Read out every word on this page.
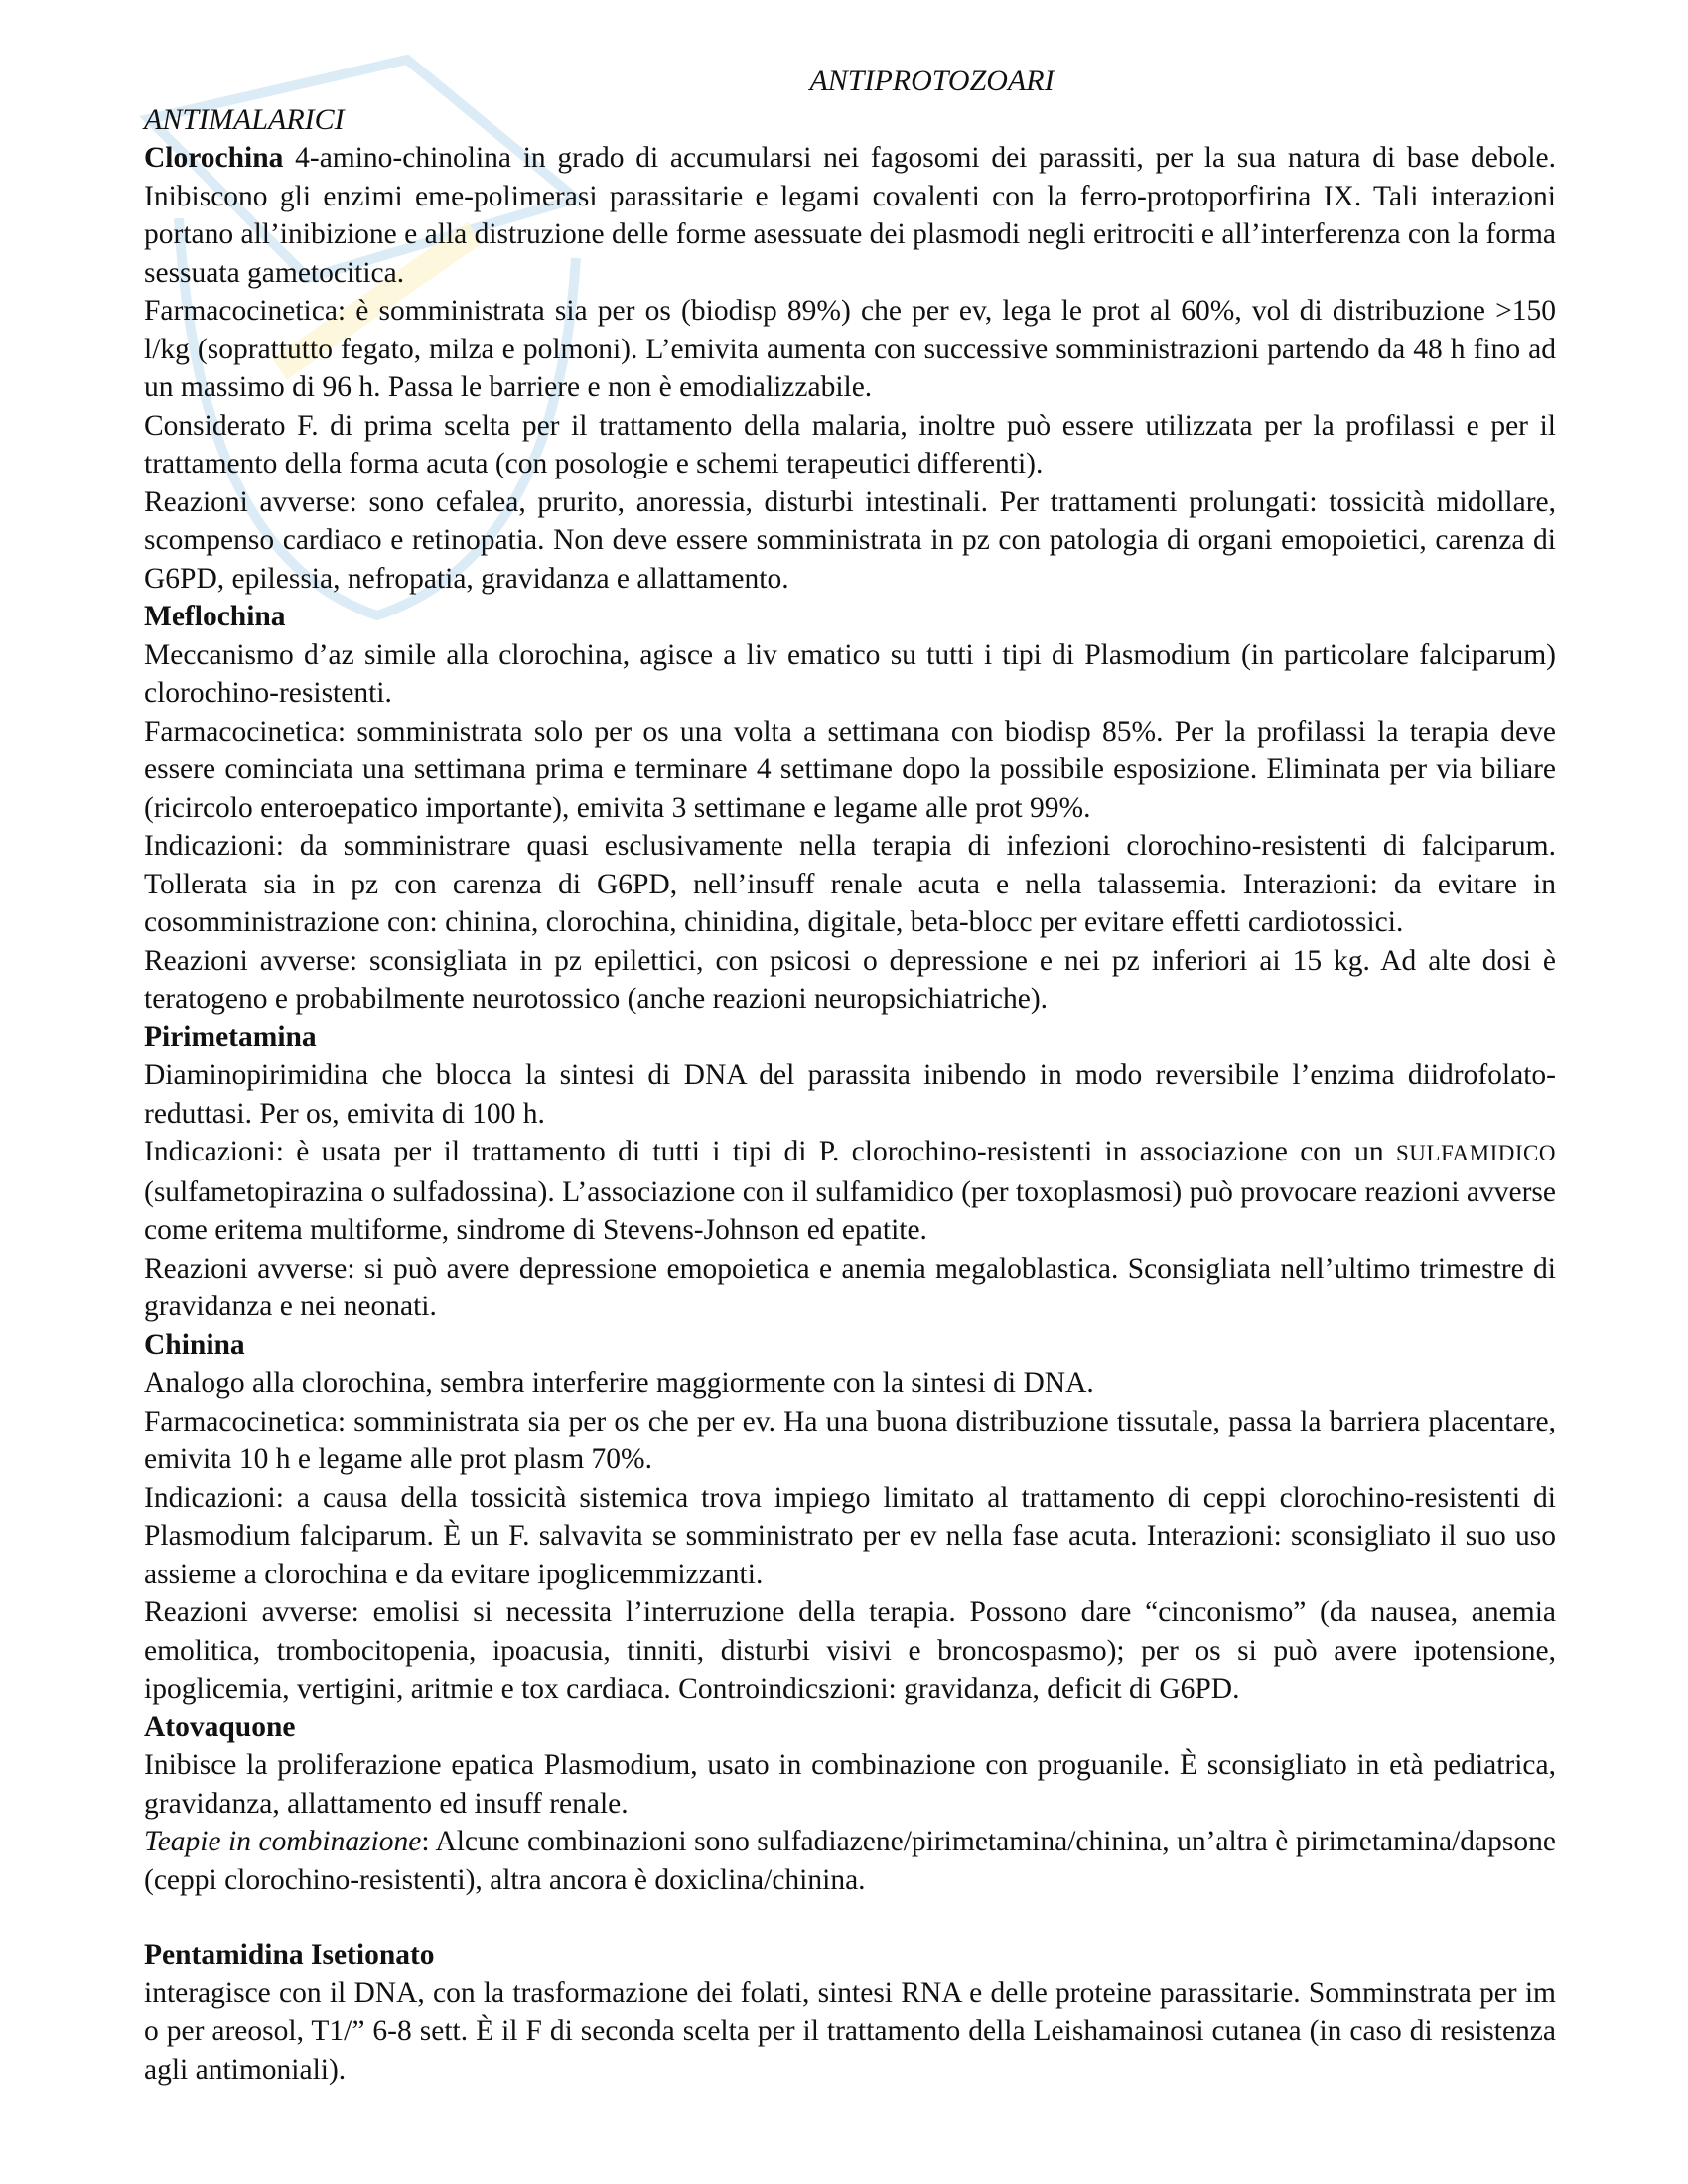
ANTIPROTOZOARI
ANTIMALARICI

Clorochina 4-amino-chinolina in grado di accumularsi nei fagosomi dei parassiti, per la sua natura di base debole. Inibiscono gli enzimi eme-polimerasi parassitarie e legami covalenti con la ferro-protoporfirina IX. Tali interazioni portano all’inibizione e alla distruzione delle forme asessuate dei plasmodi negli eritrociti e all’interferenza con la forma sessuata gametocitica.

Farmacocinetica: è somministrata sia per os (biodisp 89%) che per ev, lega le prot al 60%, vol di distribuzione >150 l/kg (soprattutto fegato, milza e polmoni). L’emivita aumenta con successive somministrazioni partendo da 48 h fino ad un massimo di 96 h. Passa le barriere e non è emodializzabile.

Considerato F. di prima scelta per il trattamento della malaria, inoltre può essere utilizzata per la profilassi e per il trattamento della forma acuta (con posologie e schemi terapeutici differenti).

Reazioni avverse: sono cefalea, prurito, anoressia, disturbi intestinali. Per trattamenti prolungati: tossicità midollare, scompenso cardiaco e retinopatia. Non deve essere somministrata in pz con patologia di organi emopoietici, carenza di G6PD, epilessia, nefropatia, gravidanza e allattamento.

Meflochina

Meccanismo d’az simile alla clorochina, agisce a liv ematico su tutti i tipi di Plasmodium (in particolare falciparum) clorochino-resistenti.

Farmacocinetica: somministrata solo per os una volta a settimana con biodisp 85%. Per la profilassi la terapia deve essere cominciata una settimana prima e terminare 4 settimane dopo la possibile esposizione. Eliminata per via biliare (ricircolo enteroepatico importante), emivita 3 settimane e legame alle prot 99%.

Indicazioni: da somministrare quasi esclusivamente nella terapia di infezioni clorochino-resistenti di falciparum. Tollerata sia in pz con carenza di G6PD, nell’insuff renale acuta e nella talassemia. Interazioni: da evitare in cosomministrazione con: chinina, clorochina, chinidina, digitale, beta-blocc per evitare effetti cardiotossici.

Reazioni avverse: sconsigliata in pz epilettici, con psicosi o depressione e nei pz inferiori ai 15 kg. Ad alte dosi è teratogeno e probabilmente neurotossico (anche reazioni neuropsichiatriche).

Pirimetamina

Diaminopirimidina che blocca la sintesi di DNA del parassita inibendo in modo reversibile l’enzima diidrofolato-reduttasi. Per os, emivita di 100 h.

Indicazioni: è usata per il trattamento di tutti i tipi di P. clorochino-resistenti in associazione con un SULFAMIDICO (sulfametopirazina o sulfadossina). L’associazione con il sulfamidico (per toxoplasmosi) può provocare reazioni avverse come eritema multiforme, sindrome di Stevens-Johnson ed epatite.

Reazioni avverse: si può avere depressione emopoietica e anemia megaloblastica. Sconsigliata nell’ultimo trimestre di gravidanza e nei neonati.

Chinina

Analogo alla clorochina, sembra interferire maggiormente con la sintesi di DNA.

Farmacocinetica: somministrata sia per os che per ev. Ha una buona distribuzione tissutale, passa la barriera placentare, emivita 10 h e legame alle prot plasm 70%.

Indicazioni: a causa della tossicità sistemica trova impiego limitato al trattamento di ceppi clorochino-resistenti di Plasmodium falciparum. È un F. salvavita se somministrato per ev nella fase acuta. Interazioni: sconsigliato il suo uso assieme a clorochina e da evitare ipoglicemmizzanti.

Reazioni avverse: emolisi si necessita l’interruzione della terapia. Possono dare “cinconismo” (da nausea, anemia emolitica, trombocitopenia, ipoacusia, tinniti, disturbi visivi e broncospasmo); per os si può avere ipotensione, ipoglicemia, vertigini, aritmie e tox cardiaca. Controindicszioni: gravidanza, deficit di G6PD.

Atovaquone

Inibisce la proliferazione epatica Plasmodium, usato in combinazione con proguanile. È sconsigliato in età pediatrica, gravidanza, allattamento ed insuff renale.

Teapie in combinazione: Alcune combinazioni sono sulfadiazene/pirimetamina/chinina, un’altra è pirimetamina/dapsone (ceppi clorochino-resistenti), altra ancora è doxiclina/chinina.

Pentamidina Isetionato

interagisce con il DNA, con la trasformazione dei folati, sintesi RNA e delle proteine parassitarie. Somminstrata per im o per areosol, T1/” 6-8 sett. È il F di seconda scelta per il trattamento della Leishamainosi cutanea (in caso di resistenza agli antimoniali).
